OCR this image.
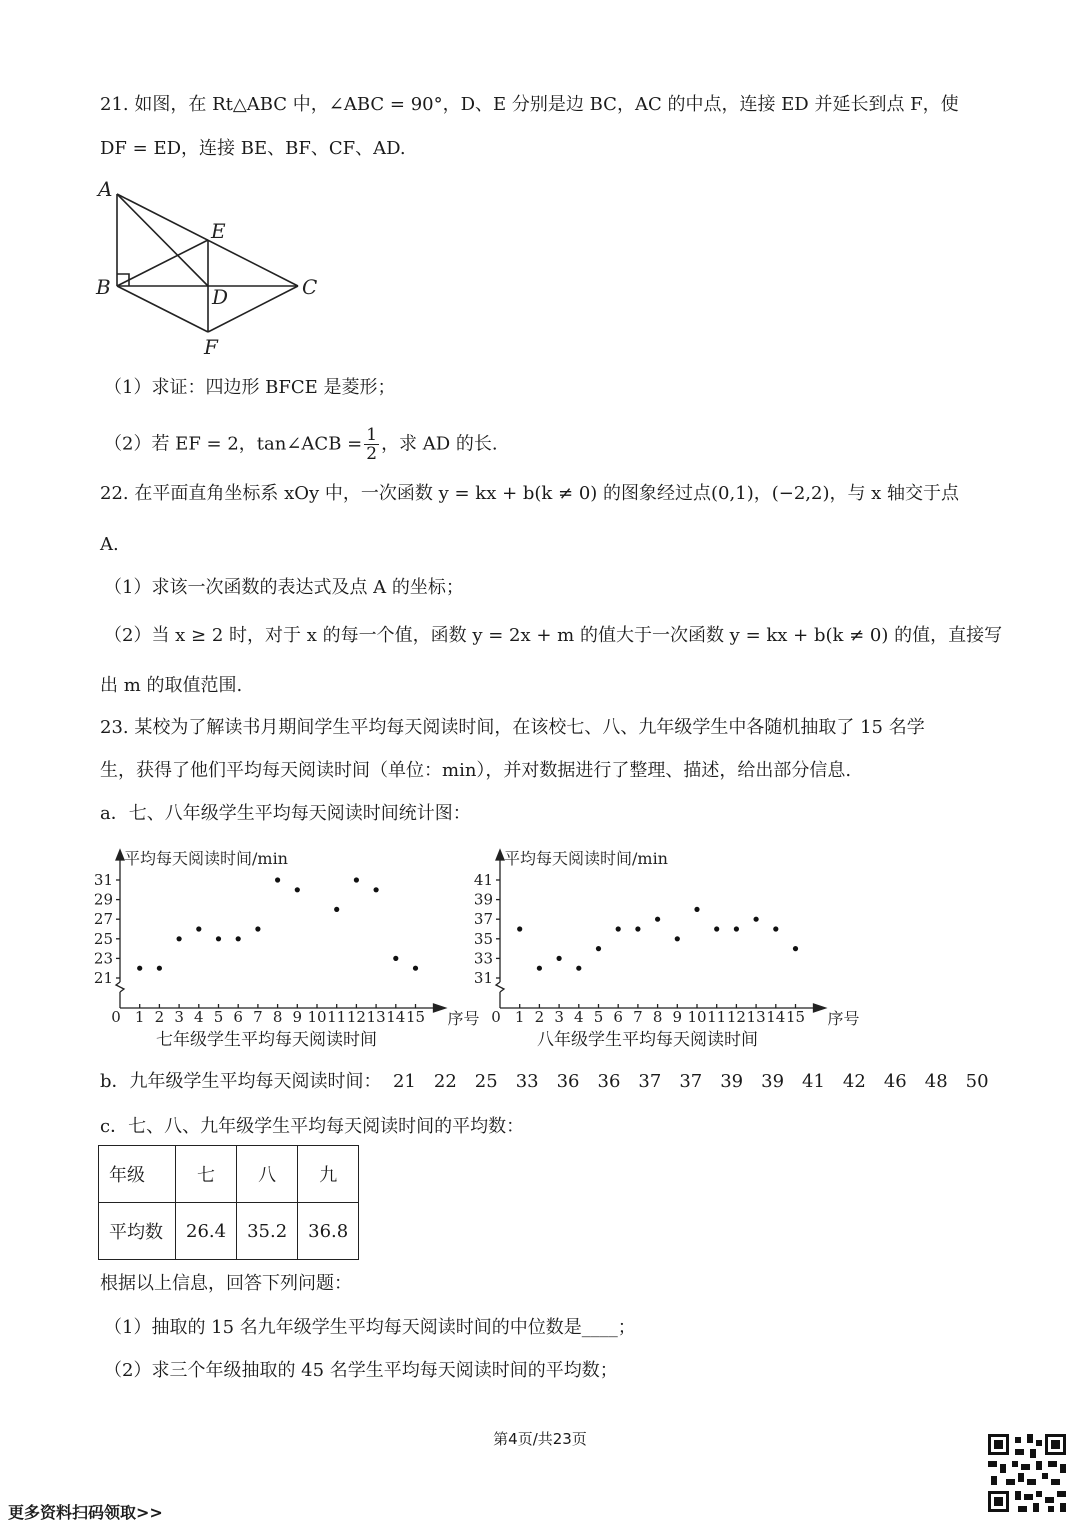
21. 如图，在 Rt△ABC 中，∠ABC = 90°，D、E 分别是边 BC，AC 的中点，连接 ED 并延长到点 F，使
DF = ED，连接 BE、BF、CF、AD.
A
B	C
D
E
F
（1）求证：四边形 BFCE 是菱形；
（2）若 EF = 2，tan∠ACB = $\frac{1}{2}$ ，求 AD 的长.
22. 在平面直角坐标系 xOy 中，一次函数 y = kx + b(k ≠ 0) 的图象经过点(0,1)，(−2,2)，与 x 轴交于点
A.
（1）求该一次函数的表达式及点 A 的坐标；
（2）当 x ≥ 2 时，对于 x 的每一个值，函数 y = 2x + m 的值大于一次函数 y = kx + b(k ≠ 0) 的值，直接写
出 m 的取值范围.
23. 某校为了解读书月期间学生平均每天阅读时间，在该校七、八、九年级学生中各随机抽取了 15 名学
生，获得了他们平均每天阅读时间（单位：min），并对数据进行了整理、描述，给出部分信息.
a．七、八年级学生平均每天阅读时间统计图：
21
23
25
27
29
31
0 1 2 3 4 5 6 7 8 9 10 11 12 13 14 15
平均每天阅读时间/min
序号
31
33
35
37
39
41
0 1 2 3 4 5 6 7 8 9 10 11 12 13 14 15
平均每天阅读时间/min
序号
七年级学生平均每天阅读时间	八年级学生平均每天阅读时间
b．九年级学生平均每天阅读时间： 21　22　25　33　36　36　37　37　39　39　41　42　46　48　50
c．七、八、九年级学生平均每天阅读时间的平均数：
年级	七	八	九
平均数	26.4	35.2	36.8
根据以上信息，回答下列问题：
（1）抽取的 15 名九年级学生平均每天阅读时间的中位数是____；
（2）求三个年级抽取的 45 名学生平均每天阅读时间的平均数；
第4页/共23页
更多资料扫码领取>>
